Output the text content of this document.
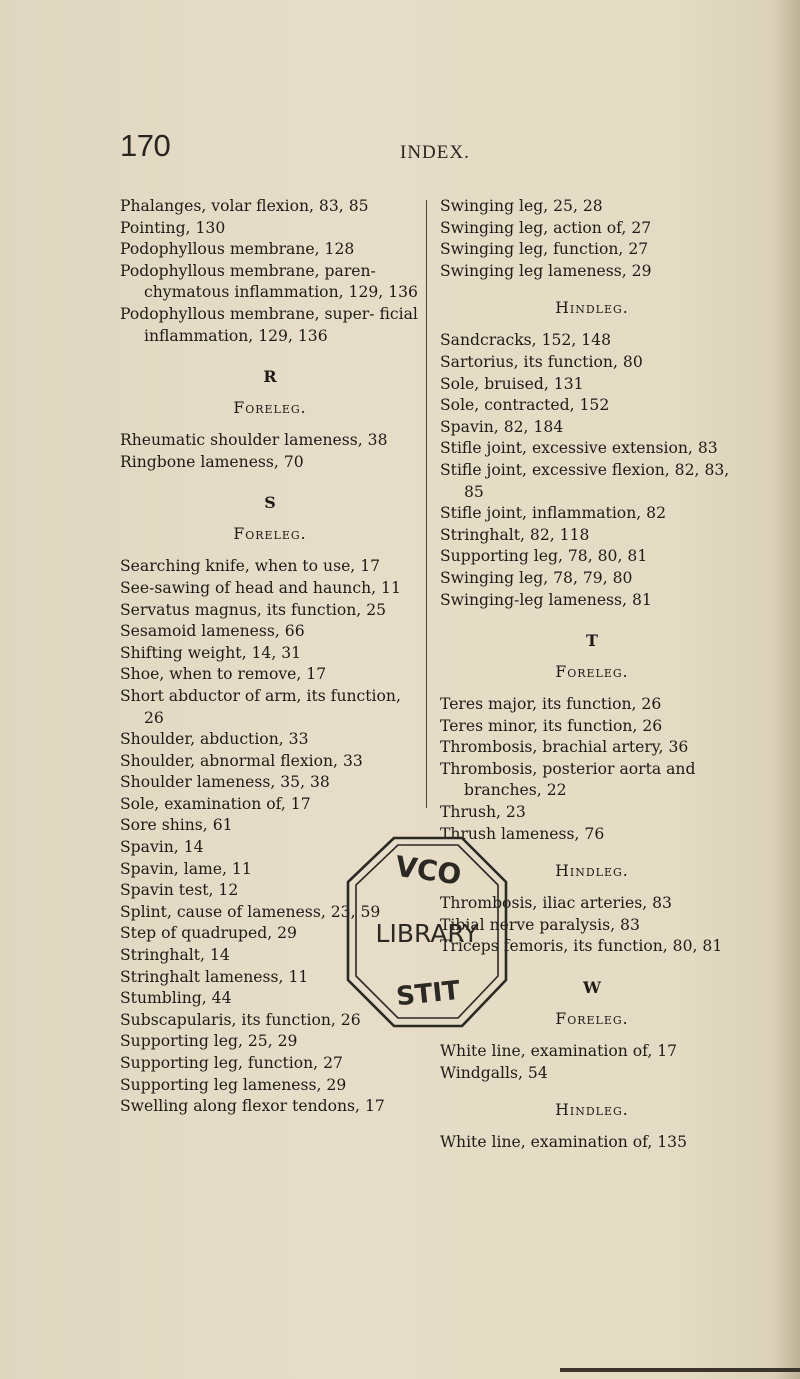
170	INDEX.
Phalanges, volar flexion, 83, 85
Pointing, 130
Podophyllous membrane, 128
Podophyllous membrane, paren- chymatous inflammation, 129, 136
Podophyllous membrane, super- ficial inflammation, 129, 136
R
Foreleg.
Rheumatic shoulder lameness, 38
Ringbone lameness, 70
S
Foreleg.
Searching knife, when to use, 17
See-sawing of head and haunch, 11
Servatus magnus, its function, 25
Sesamoid lameness, 66
Shifting weight, 14, 31
Shoe, when to remove, 17
Short abductor of arm, its function, 26
Shoulder, abduction, 33
Shoulder, abnormal flexion, 33
Shoulder lameness, 35, 38
Sole, examination of, 17
Sore shins, 61
Spavin, 14
Spavin, lame, 11
Spavin test, 12
Splint, cause of lameness, 23, 59
Step of quadruped, 29
Stringhalt, 14
Stringhalt lameness, 11
Stumbling, 44
Subscapularis, its function, 26
Supporting leg, 25, 29
Supporting leg, function, 27
Supporting leg lameness, 29
Swelling along flexor tendons, 17
Swinging leg, 25, 28
Swinging leg, action of, 27
Swinging leg, function, 27
Swinging leg lameness, 29
Hindleg.
Sandcracks, 152, 148
Sartorius, its function, 80
Sole, bruised, 131
Sole, contracted, 152
Spavin, 82, 184
Stifle joint, excessive extension, 83
Stifle joint, excessive flexion, 82, 83, 85
Stifle joint, inflammation, 82
Stringhalt, 82, 118
Supporting leg, 78, 80, 81
Swinging leg, 78, 79, 80
Swinging-leg lameness, 81
T
Foreleg.
Teres major, its function, 26
Teres minor, its function, 26
Thrombosis, brachial artery, 36
Thrombosis, posterior aorta and branches, 22
Thrush, 23
Thrush lameness, 76
Hindleg.
Thrombosis, iliac arteries, 83
Tibial nerve paralysis, 83
Triceps femoris, its function, 80, 81
W
Foreleg.
White line, examination of, 17
Windgalls, 54
Hindleg.
White line, examination of, 135
VCO
LIBRARY
STIT
